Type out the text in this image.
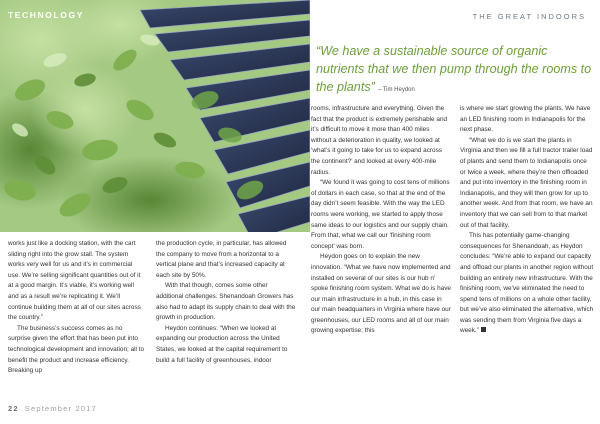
TECHNOLOGY	THE GREAT INDOORS
“We have a sustainable source of organic nutrients that we then pump through the rooms to the plants” – Tim Heydon

works just like a docking station, with the cart sliding right into the grow stall. The system works very well for us and it’s in commercial use. We’re selling significant quantities out of it at a good margin. It’s viable, it’s working well and as a result we’re replicating it. We’ll continue building them at all of our sites across the country.”

The business’s success comes as no surprise given the effort that has been put into technological development and innovation; all to benefit the product and increase efficiency. Breaking up

the production cycle, in particular, has allowed the company to move from a horizontal to a vertical plane and that’s increased capacity at each site by 50%.

With that though, comes some other additional challenges. Shenandoah Growers has also had to adapt its supply chain to deal with the growth in production.

Heydon continues: “When we looked at expanding our production across the United States, we looked at the capital requirement to build a full facility of greenhouses, indoor

rooms, infrastructure and everything. Given the fact that the product is extremely perishable and it’s difficult to move it more than 400 miles without a deterioration in quality, we looked at ‘what’s it going to take for us to expand across the continent?’ and looked at every 400-mile radius.

“We found it was going to cost tens of millions of dollars in each case, so that at the end of the day didn’t seem feasible. With the way the LED rooms were working, we started to apply those same ideas to our logistics and our supply chain. From that, what we call our ‘finishing room concept’ was born.

Heydon goes on to explain the new innovation. “What we have now implemented and installed on several of our sites is our hub n’ spoke finishing room system. What we do is have our main infrastructure in a hub, in this case in our main headquarters in Virginia where have our greenhouses, our LED rooms and all of our main growing expertise; this

is where we start growing the plants. We have an LED finishing room in Indianapolis for the next phase.

“What we do is we start the plants in Virginia and then we fill a full tractor trailer load of plants and send them to Indianapolis once or twice a week, where they’re then offloaded and put into inventory in the finishing room in Indianapolis, and they will then grow for up to another week. And from that room, we have an inventory that we can sell from to that market out of that facility.

This has potentially game-changing consequences for Shenandoah, as Heydon concludes: “We’re able to expand our capacity and offload our plants in another region without building an entirely new infrastructure. With the finishing room, we’ve eliminated the need to spend tens of millions on a whole other facility, but we’ve also eliminated the alternative, which was sending them from Virginia five days a week.”

22 September 2017
